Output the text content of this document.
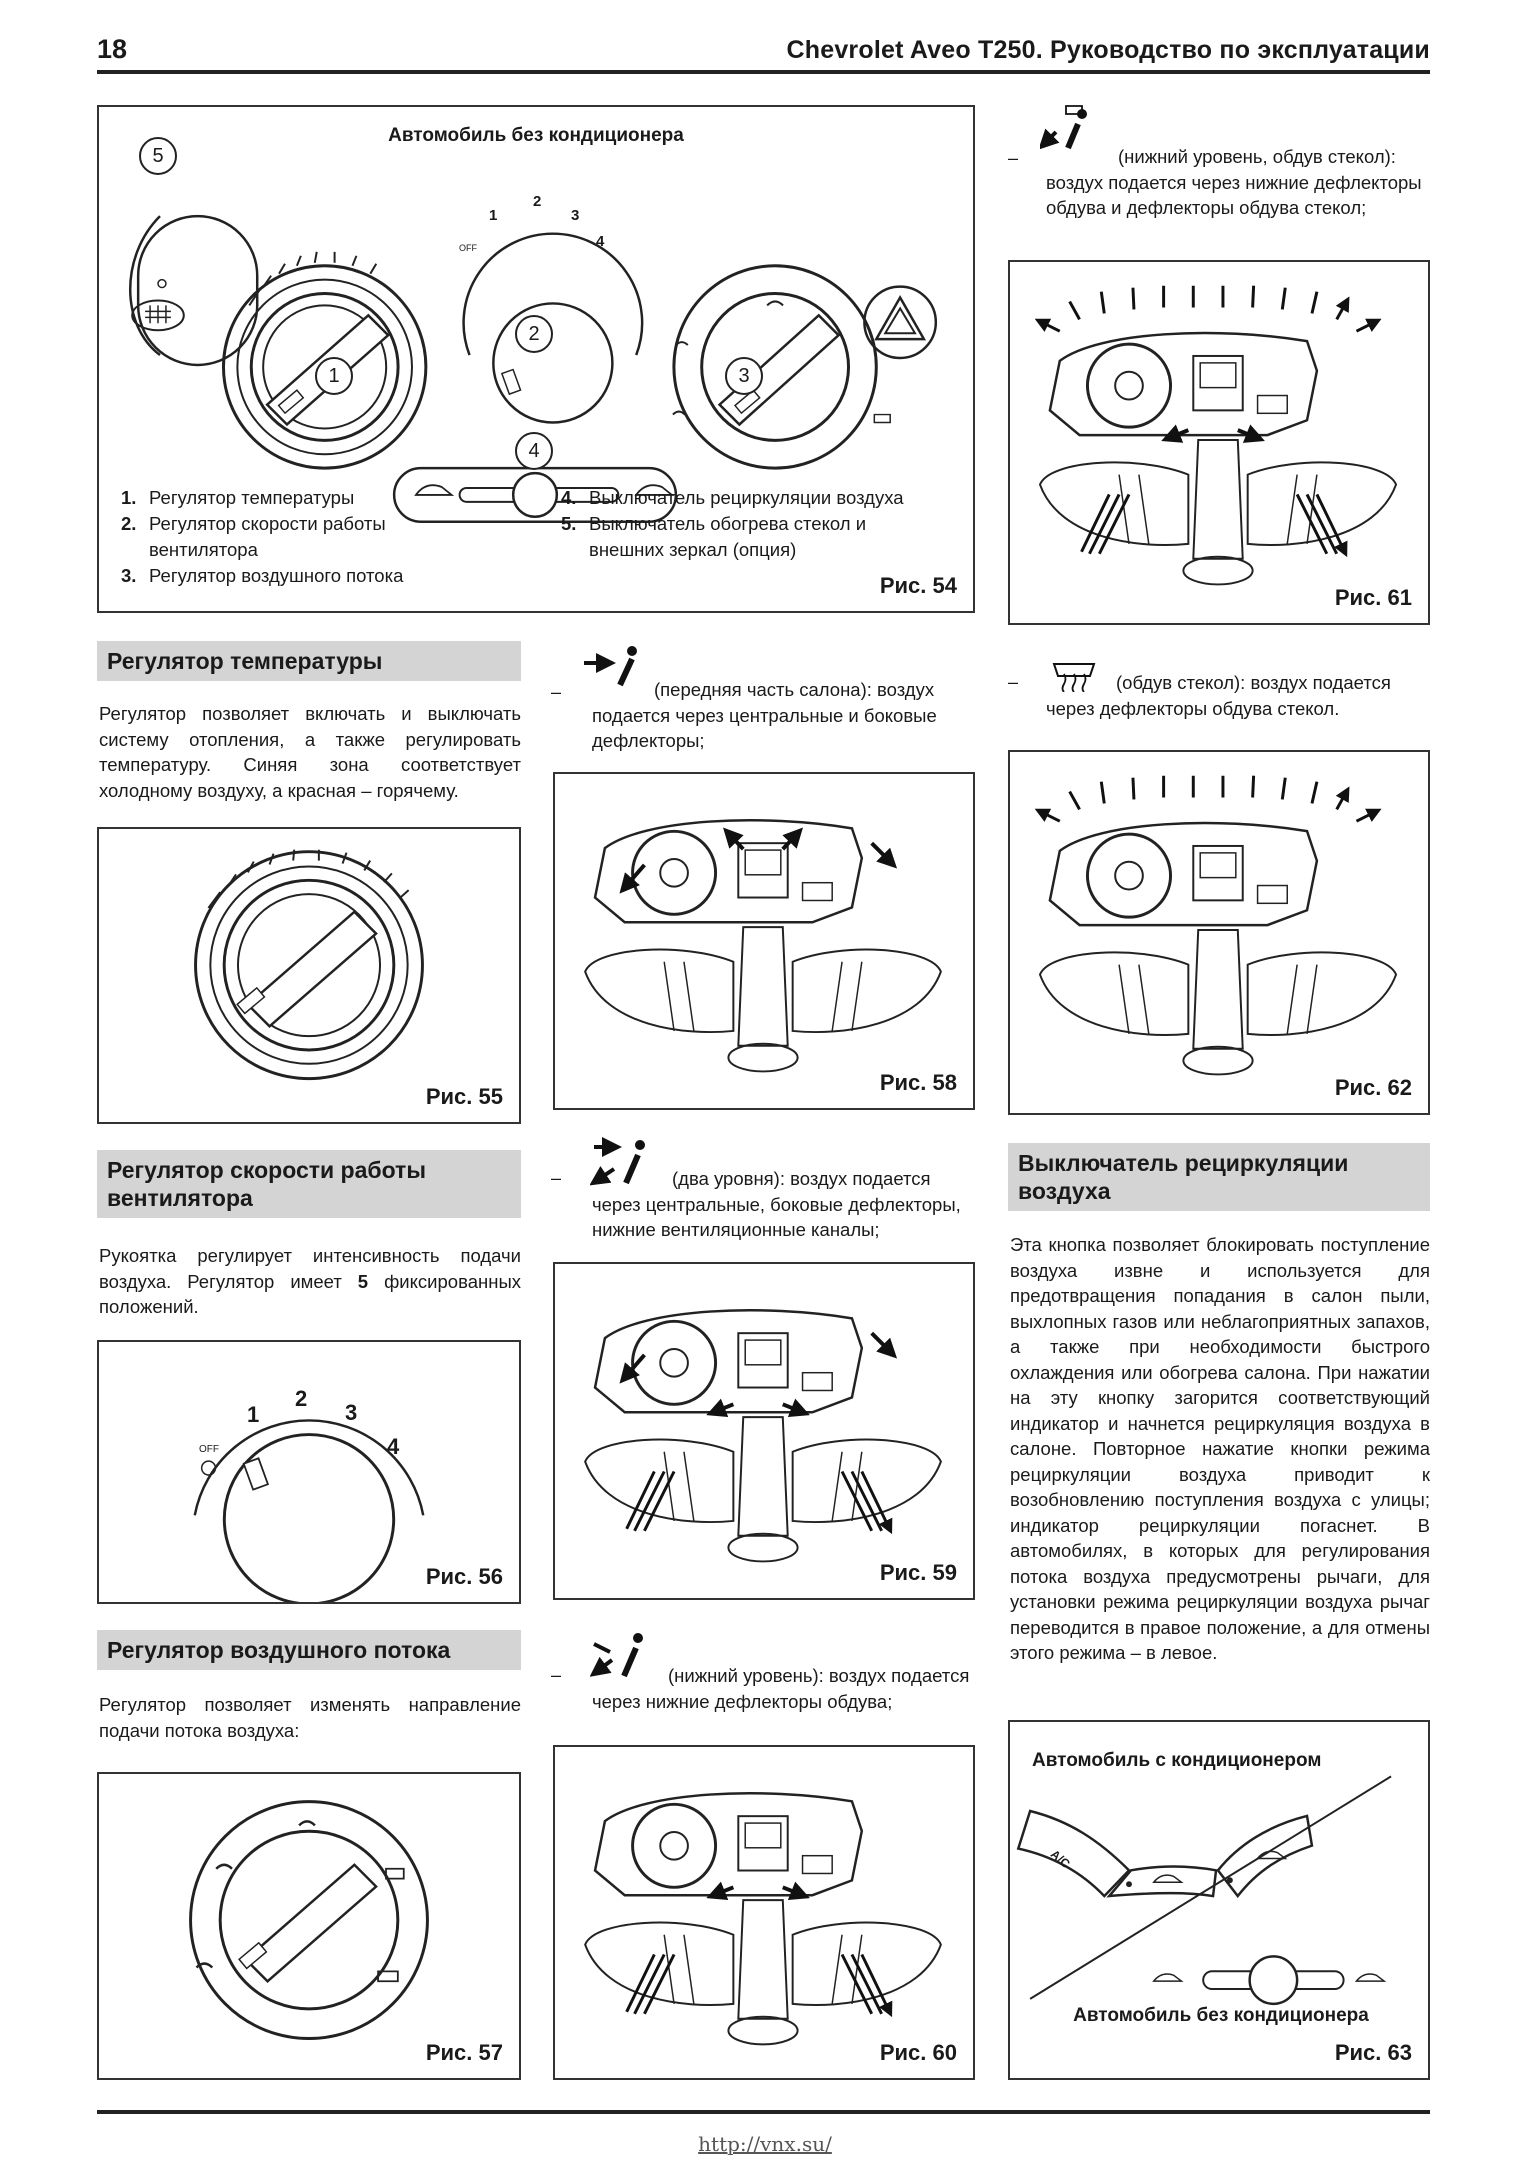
18	Chevrolet Aveo T250. Руководство по эксплуатации
Автомобиль без кондиционера
5
1
2
3
4
1
2
3
4
OFF
1. Регулятор температуры
2. Регулятор скорости работы вентилятора
3. Регулятор воздушного потока
4. Выключатель рециркуляции воздуха
5. Выключатель обогрева стекол и внешних зеркал (опция)
Рис. 54
Регулятор температуры
Регулятор позволяет включать и выключать систему отопления, а также регулировать температуру. Синяя зона соответствует холодному воздуху, а красная – горячему.
Рис. 55
Регулятор скорости работы вентилятора
Рукоятка регулирует интенсивность подачи воздуха. Регулятор имеет 5 фиксированных положений.
1
2
3
4
OFF
Рис. 56
Регулятор воздушного потока
Регулятор позволяет изменять направление подачи потока воздуха:
Рис. 57
–	(передняя часть салона): воздух подается через центральные и боковые дефлекторы;
Рис. 58
–	(два уровня): воздух подается через центральные, боковые дефлекторы, нижние вентиляционные каналы;
Рис. 59
–	(нижний уровень): воздух подается через нижние дефлекторы обдува;
Рис. 60
–	(нижний уровень, обдув стекол): воздух подается через нижние дефлекторы обдува и дефлекторы обдува стекол;
Рис. 61
–	(обдув стекол): воздух подается через дефлекторы обдува стекол.
Рис. 62
Выключатель рециркуляции воздуха
Эта кнопка позволяет блокировать поступление воздуха извне и используется для предотвращения попадания в салон пыли, выхлопных газов или неблагоприятных запахов, а также при необходимости быстрого охлаждения или обогрева салона. При нажатии на эту кнопку загорится соответствующий индикатор и начнется рециркуляция воздуха в салоне. Повторное нажатие кнопки режима рециркуляции воздуха приводит к возобновлению поступления воздуха с улицы; индикатор рециркуляции погаснет. В автомобилях, в которых для регулирования потока воздуха предусмотрены рычаги, для установки режима рециркуляции воздуха рычаг переводится в правое положение, а для отмены этого режима – в левое.
Автомобиль с кондиционером
A/C
Автомобиль без кондиционера
Рис. 63
http://vnx.su/
